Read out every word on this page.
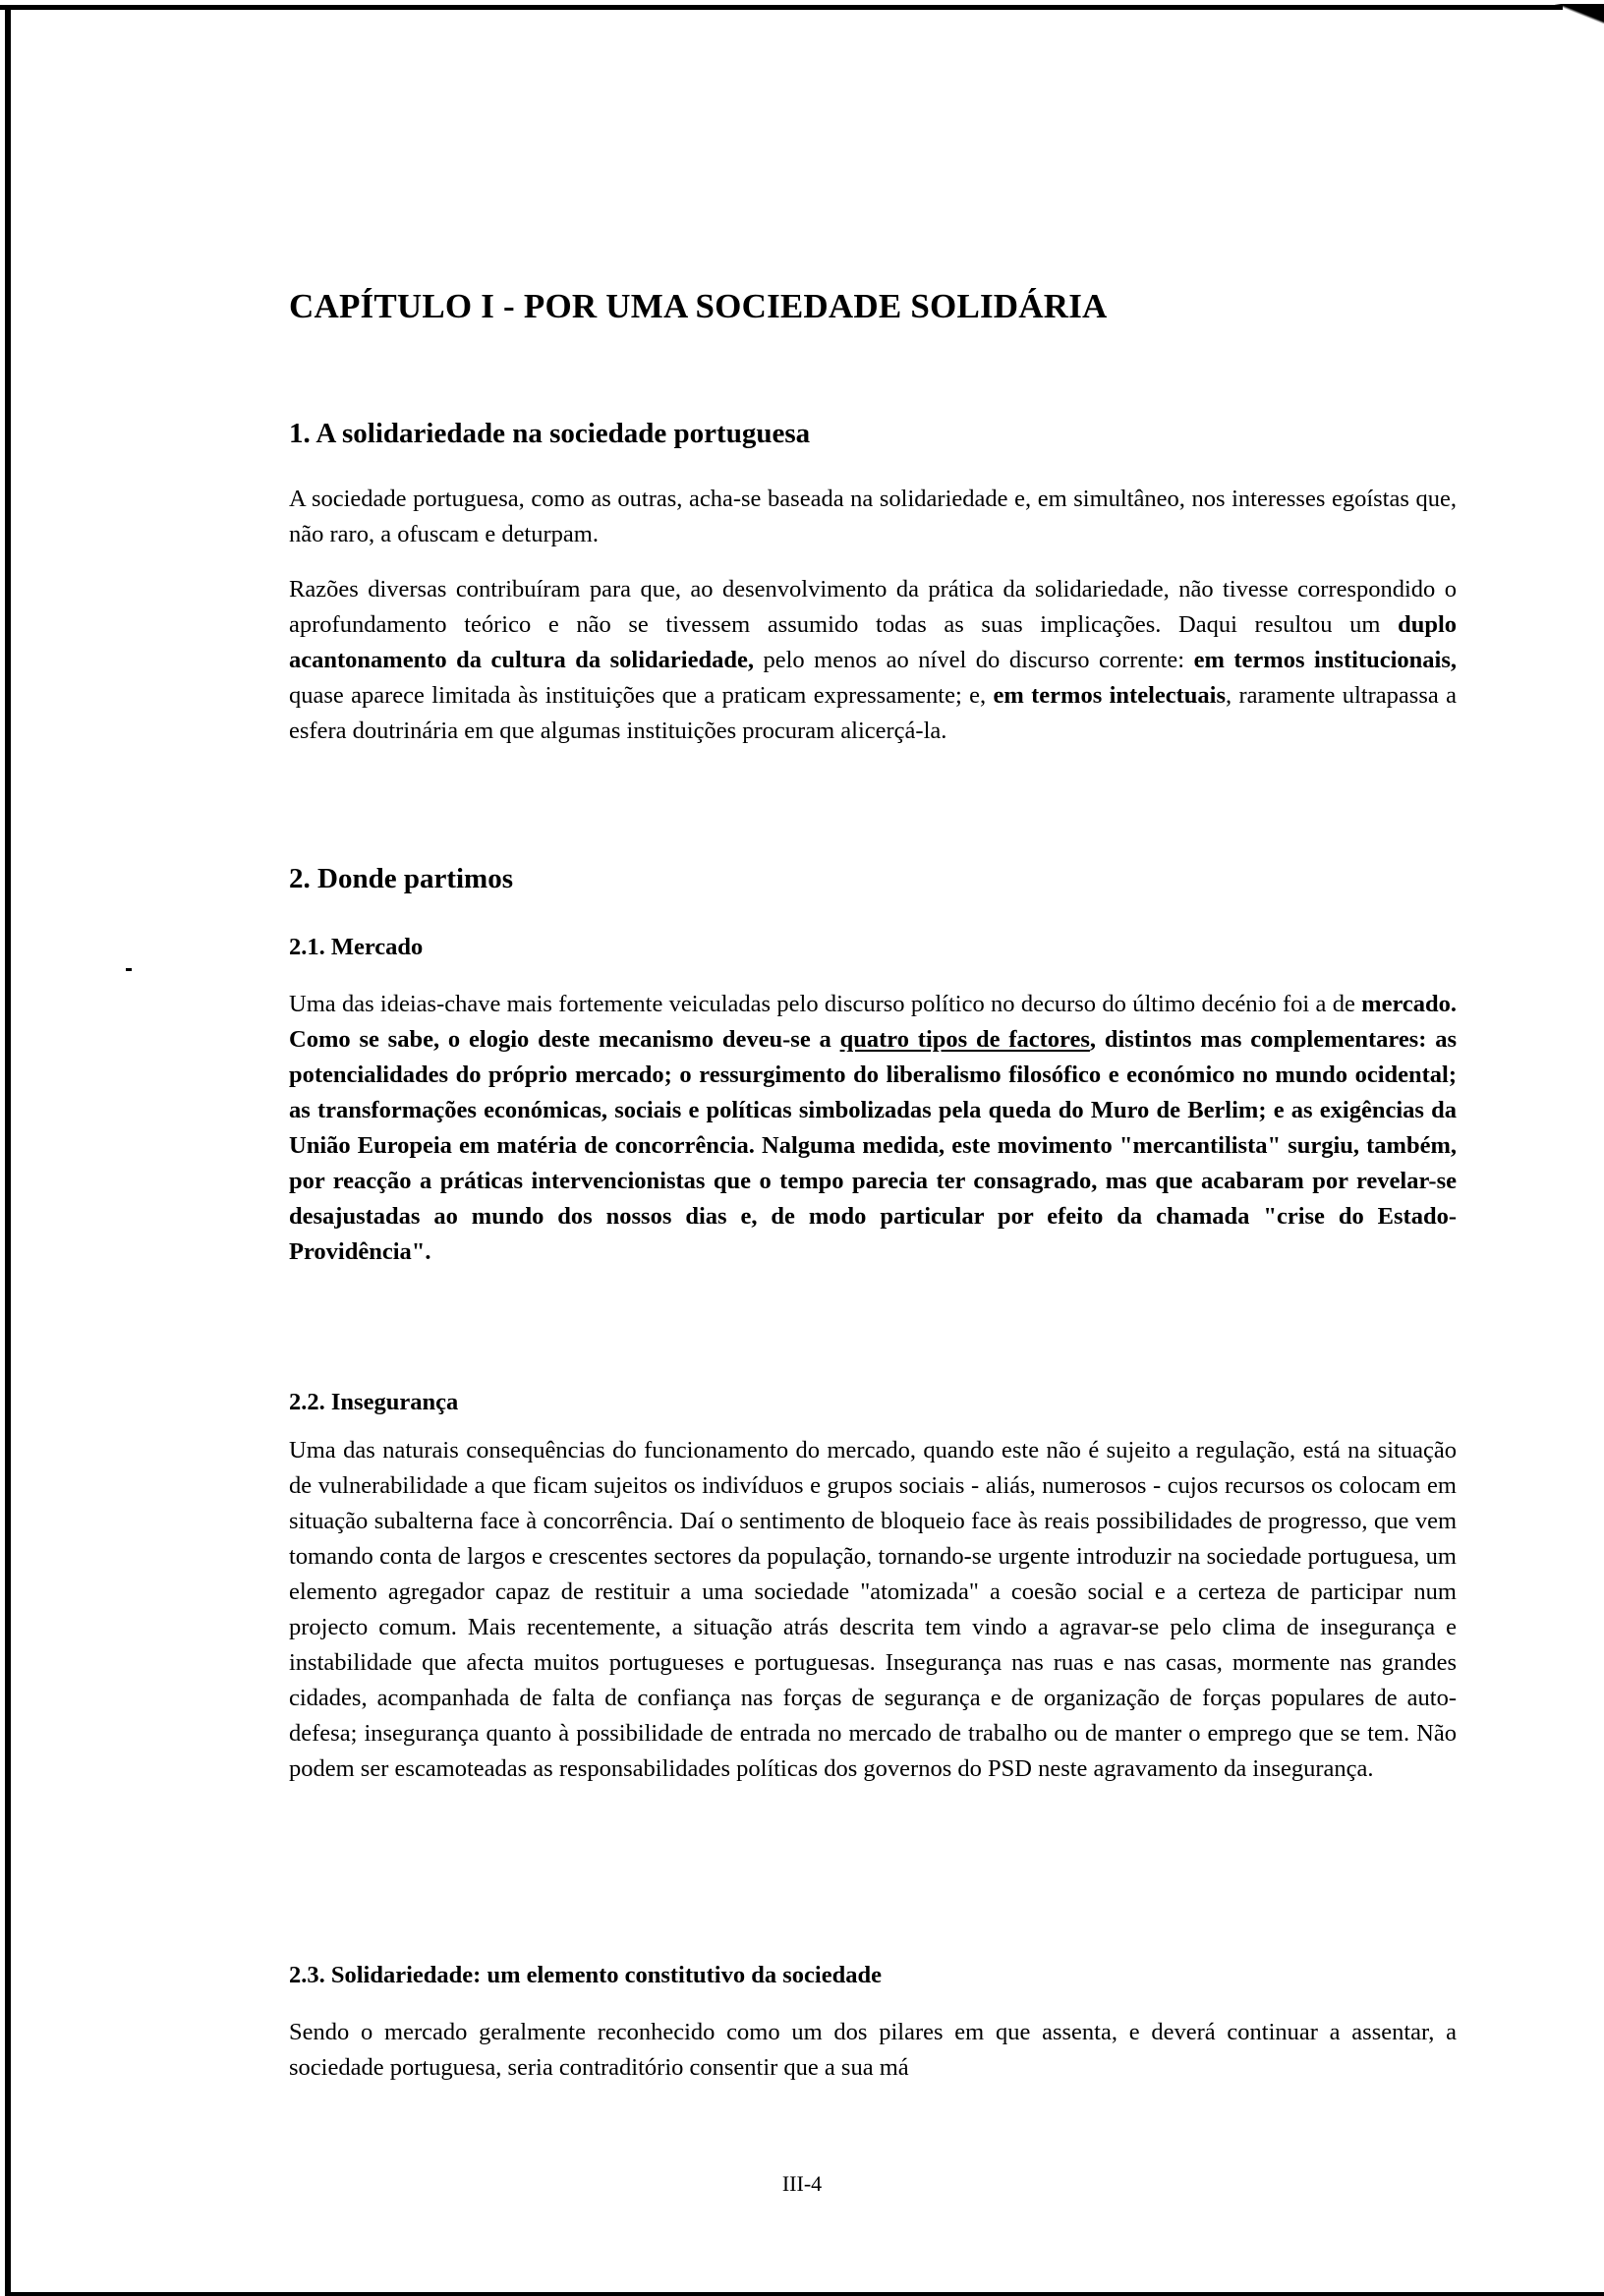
CAPÍTULO I - POR UMA SOCIEDADE SOLIDÁRIA
1. A solidariedade na sociedade portuguesa

A sociedade portuguesa, como as outras, acha-se baseada na solidariedade e, em simultâneo, nos interesses egoístas que, não raro, a ofuscam e deturpam.

Razões diversas contribuíram para que, ao desenvolvimento da prática da solidariedade, não tivesse correspondido o aprofundamento teórico e não se tivessem assumido todas as suas implicações. Daqui resultou um duplo acantonamento da cultura da solidariedade, pelo menos ao nível do discurso corrente: em termos institucionais, quase aparece limitada às instituições que a praticam expressamente; e, em termos intelectuais, raramente ultrapassa a esfera doutrinária em que algumas instituições procuram alicerçá-la.

2. Donde partimos
2.1. Mercado

Uma das ideias-chave mais fortemente veiculadas pelo discurso político no decurso do último decénio foi a de mercado. Como se sabe, o elogio deste mecanismo deveu-se a quatro tipos de factores, distintos mas complementares: as potencialidades do próprio mercado; o ressurgimento do liberalismo filosófico e económico no mundo ocidental; as transformações económicas, sociais e políticas simbolizadas pela queda do Muro de Berlim; e as exigências da União Europeia em matéria de concorrência. Nalguma medida, este movimento "mercantilista" surgiu, também, por reacção a práticas intervencionistas que o tempo parecia ter consagrado, mas que acabaram por revelar-se desajustadas ao mundo dos nossos dias e, de modo particular por efeito da chamada "crise do Estado-Providência".

2.2. Insegurança

Uma das naturais consequências do funcionamento do mercado, quando este não é sujeito a regulação, está na situação de vulnerabilidade a que ficam sujeitos os indivíduos e grupos sociais - aliás, numerosos - cujos recursos os colocam em situação subalterna face à concorrência. Daí o sentimento de bloqueio face às reais possibilidades de progresso, que vem tomando conta de largos e crescentes sectores da população, tornando-se urgente introduzir na sociedade portuguesa, um elemento agregador capaz de restituir a uma sociedade "atomizada" a coesão social e a certeza de participar num projecto comum. Mais recentemente, a situação atrás descrita tem vindo a agravar-se pelo clima de insegurança e instabilidade que afecta muitos portugueses e portuguesas. Insegurança nas ruas e nas casas, mormente nas grandes cidades, acompanhada de falta de confiança nas forças de segurança e de organização de forças populares de auto-defesa; insegurança quanto à possibilidade de entrada no mercado de trabalho ou de manter o emprego que se tem. Não podem ser escamoteadas as responsabilidades políticas dos governos do PSD neste agravamento da insegurança.

2.3. Solidariedade: um elemento constitutivo da sociedade

Sendo o mercado geralmente reconhecido como um dos pilares em que assenta, e deverá continuar a assentar, a sociedade portuguesa, seria contraditório consentir que a sua má

III-4
